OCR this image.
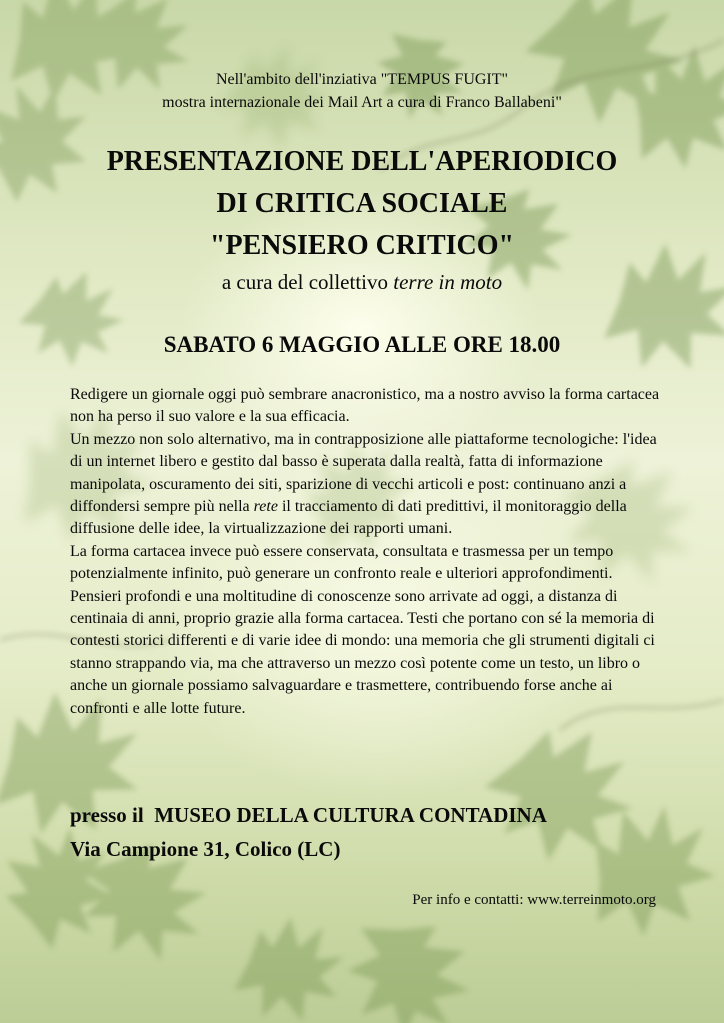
Nell'ambito dell'inziativa "TEMPUS FUGIT"
mostra internazionale dei Mail Art a cura di Franco Ballabeni"
PRESENTAZIONE DELL'APERIODICO
DI CRITICA SOCIALE
"PENSIERO CRITICO"
a cura del collettivo terre in moto
SABATO 6 MAGGIO ALLE ORE 18.00

Redigere un giornale oggi può sembrare anacronistico, ma a nostro avviso la forma cartacea non ha perso il suo valore e la sua efficacia.

Un mezzo non solo alternativo, ma in contrapposizione alle piattaforme tecnologiche: l'idea di un internet libero e gestito dal basso è superata dalla realtà, fatta di informazione manipolata, oscuramento dei siti, sparizione di vecchi articoli e post: continuano anzi a diffondersi sempre più nella rete il tracciamento di dati predittivi, il monitoraggio della diffusione delle idee, la virtualizzazione dei rapporti umani.

La forma cartacea invece può essere conservata, consultata e trasmessa per un tempo potenzialmente infinito, può generare un confronto reale e ulteriori approfondimenti. Pensieri profondi e una moltitudine di conoscenze sono arrivate ad oggi, a distanza di centinaia di anni, proprio grazie alla forma cartacea. Testi che portano con sé la memoria di contesti storici differenti e di varie idee di mondo: una memoria che gli strumenti digitali ci stanno strappando via, ma che attraverso un mezzo così potente come un testo, un libro o anche un giornale possiamo salvaguardare e trasmettere, contribuendo forse anche ai confronti e alle lotte future.

presso il  MUSEO DELLA CULTURA CONTADINA
Via Campione 31, Colico (LC)
Per info e contatti: www.terreinmoto.org
